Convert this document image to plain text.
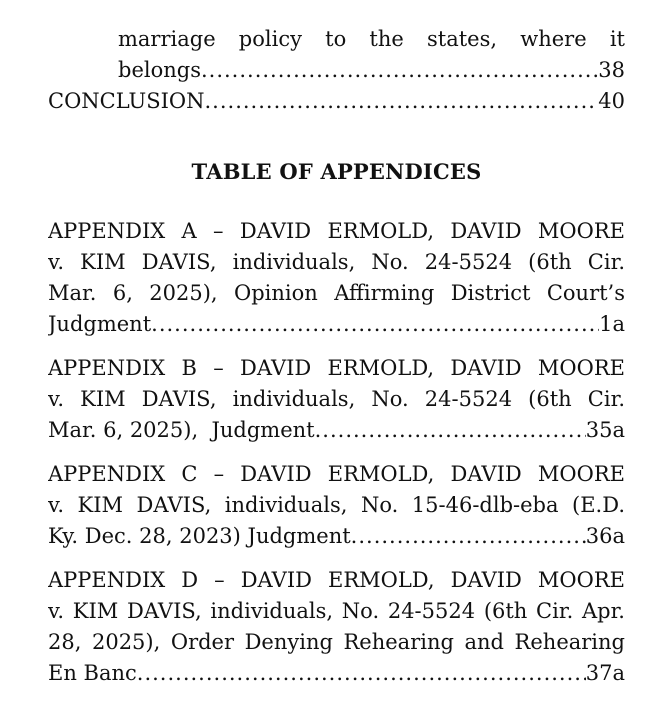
marriage policy to the states, where it
belongs .....	38
CONCLUSION .....	40
TABLE OF APPENDICES
APPENDIX A – DAVID ERMOLD, DAVID MOORE
v. KIM DAVIS, individuals, No. 24-5524 (6th Cir.
Mar. 6, 2025), Opinion Affirming District Court’s
Judgment .....	1a
APPENDIX B – DAVID ERMOLD, DAVID MOORE
v. KIM DAVIS, individuals, No. 24-5524 (6th Cir.
Mar. 6, 2025),  Judgment .....	35a
APPENDIX C – DAVID ERMOLD, DAVID MOORE
v. KIM DAVIS, individuals, No. 15-46-dlb-eba (E.D.
Ky. Dec. 28, 2023) Judgment .....	36a
APPENDIX D – DAVID ERMOLD, DAVID MOORE
v. KIM DAVIS, individuals, No. 24-5524 (6th Cir. Apr.
28, 2025), Order Denying Rehearing and Rehearing
En Banc .....	37a
